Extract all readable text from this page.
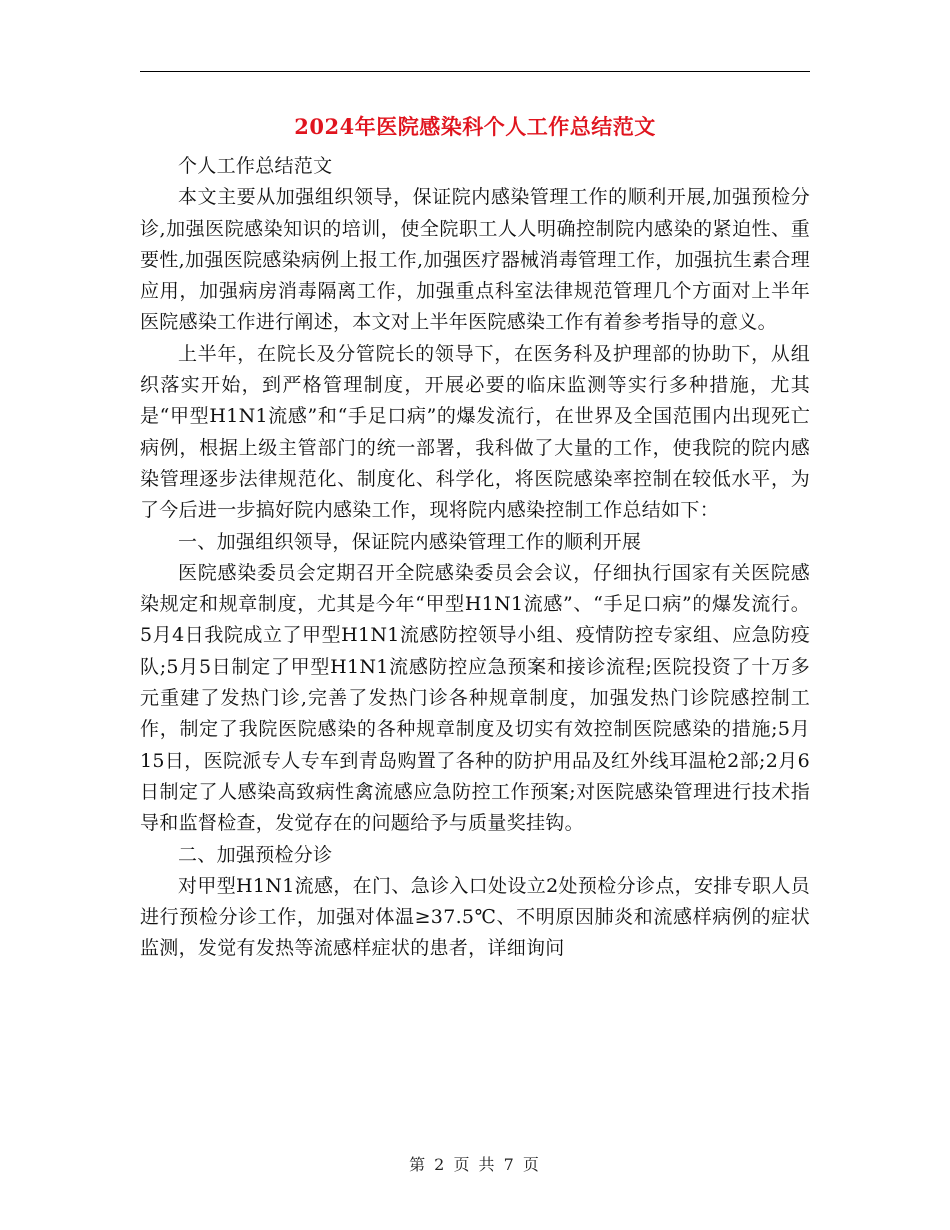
2024年医院感染科个人工作总结范文

个人工作总结范文

本文主要从加强组织领导，保证院内感染管理工作的顺利开展,加强预检分诊,加强医院感染知识的培训，使全院职工人人明确控制院内感染的紧迫性、重要性,加强医院感染病例上报工作,加强医疗器械消毒管理工作，加强抗生素合理应用，加强病房消毒隔离工作，加强重点科室法律规范管理几个方面对上半年医院感染工作进行阐述，本文对上半年医院感染工作有着参考指导的意义。

上半年，在院长及分管院长的领导下，在医务科及护理部的协助下，从组织落实开始，到严格管理制度，开展必要的临床监测等实行多种措施，尤其是“甲型H1N1流感”和“手足口病”的爆发流行，在世界及全国范围内出现死亡病例，根据上级主管部门的统一部署，我科做了大量的工作，使我院的院内感染管理逐步法律规范化、制度化、科学化，将医院感染率控制在较低水平，为了今后进一步搞好院内感染工作，现将院内感染控制工作总结如下：

一、加强组织领导，保证院内感染管理工作的顺利开展

医院感染委员会定期召开全院感染委员会会议，仔细执行国家有关医院感染规定和规章制度，尤其是今年“甲型H1N1流感”、“手足口病”的爆发流行。5月4日我院成立了甲型H1N1流感防控领导小组、疫情防控专家组、应急防疫队;5月5日制定了甲型H1N1流感防控应急预案和接诊流程;医院投资了十万多元重建了发热门诊,完善了发热门诊各种规章制度，加强发热门诊院感控制工作，制定了我院医院感染的各种规章制度及切实有效控制医院感染的措施;5月15日，医院派专人专车到青岛购置了各种的防护用品及红外线耳温枪2部;2月6日制定了人感染高致病性禽流感应急防控工作预案;对医院感染管理进行技术指导和监督检查，发觉存在的问题给予与质量奖挂钩。

二、加强预检分诊

对甲型H1N1流感，在门、急诊入口处设立2处预检分诊点，安排专职人员进行预检分诊工作，加强对体温≥37.5℃、不明原因肺炎和流感样病例的症状监测，发觉有发热等流感样症状的患者，详细询问

第 2 页 共 7 页
